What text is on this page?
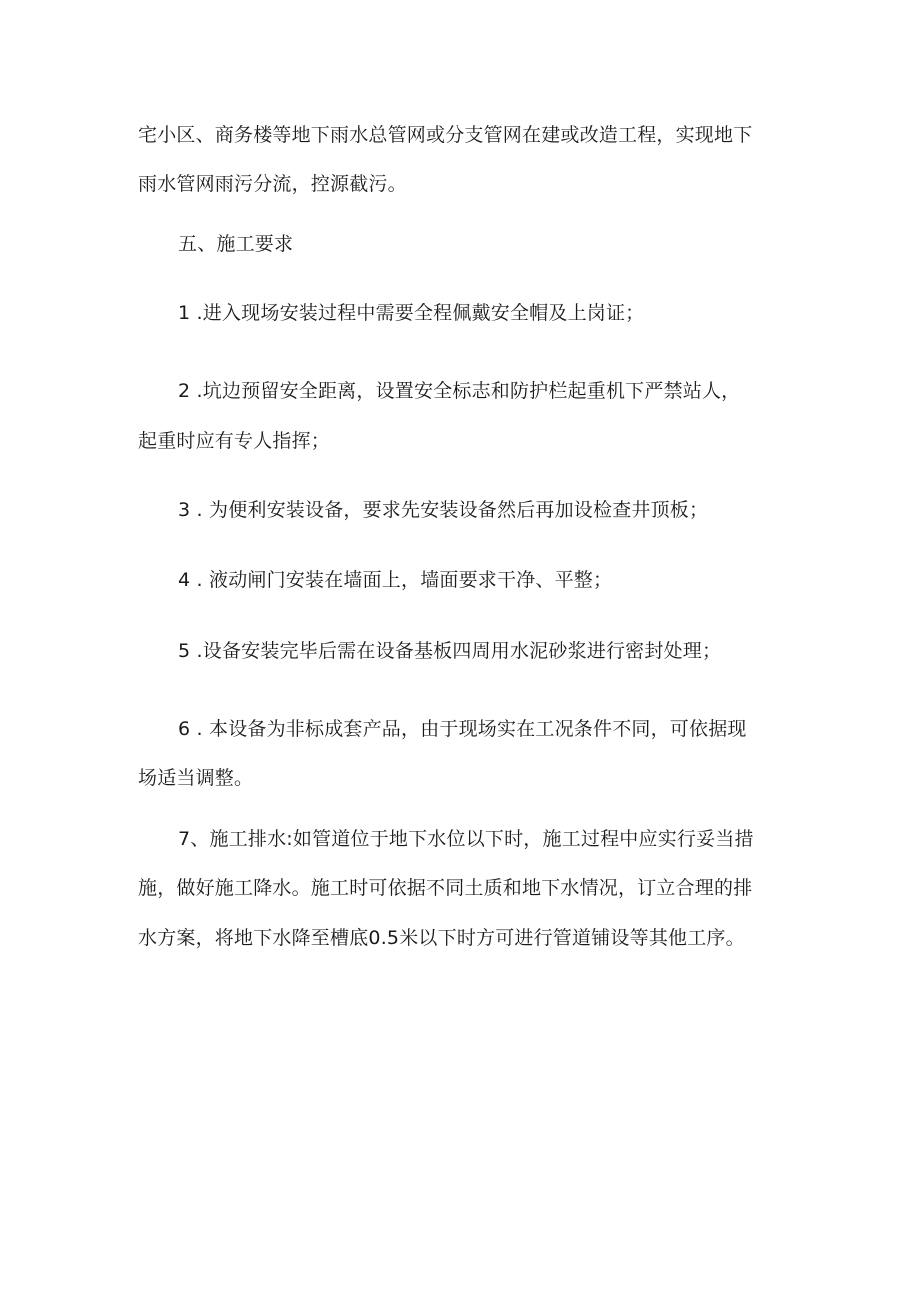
宅小区、商务楼等地下雨水总管网或分支管网在建或改造工程，实现地下
雨水管网雨污分流，控源截污。
五、施工要求
1 .进入现场安装过程中需要全程佩戴安全帽及上岗证；
2 .坑边预留安全距离，设置安全标志和防护栏起重机下严禁站人，
起重时应有专人指挥；
3 . 为便利安装设备，要求先安装设备然后再加设检查井顶板；
4 . 液动闸门安装在墙面上，墙面要求干净、平整；
5 .设备安装完毕后需在设备基板四周用水泥砂浆进行密封处理；
6 . 本设备为非标成套产品，由于现场实在工况条件不同，可依据现
场适当调整。
7、施工排水:如管道位于地下水位以下时，施工过程中应实行妥当措
施，做好施工降水。施工时可依据不同土质和地下水情况，订立合理的排
水方案，将地下水降至槽底0.5米以下时方可进行管道铺设等其他工序。
